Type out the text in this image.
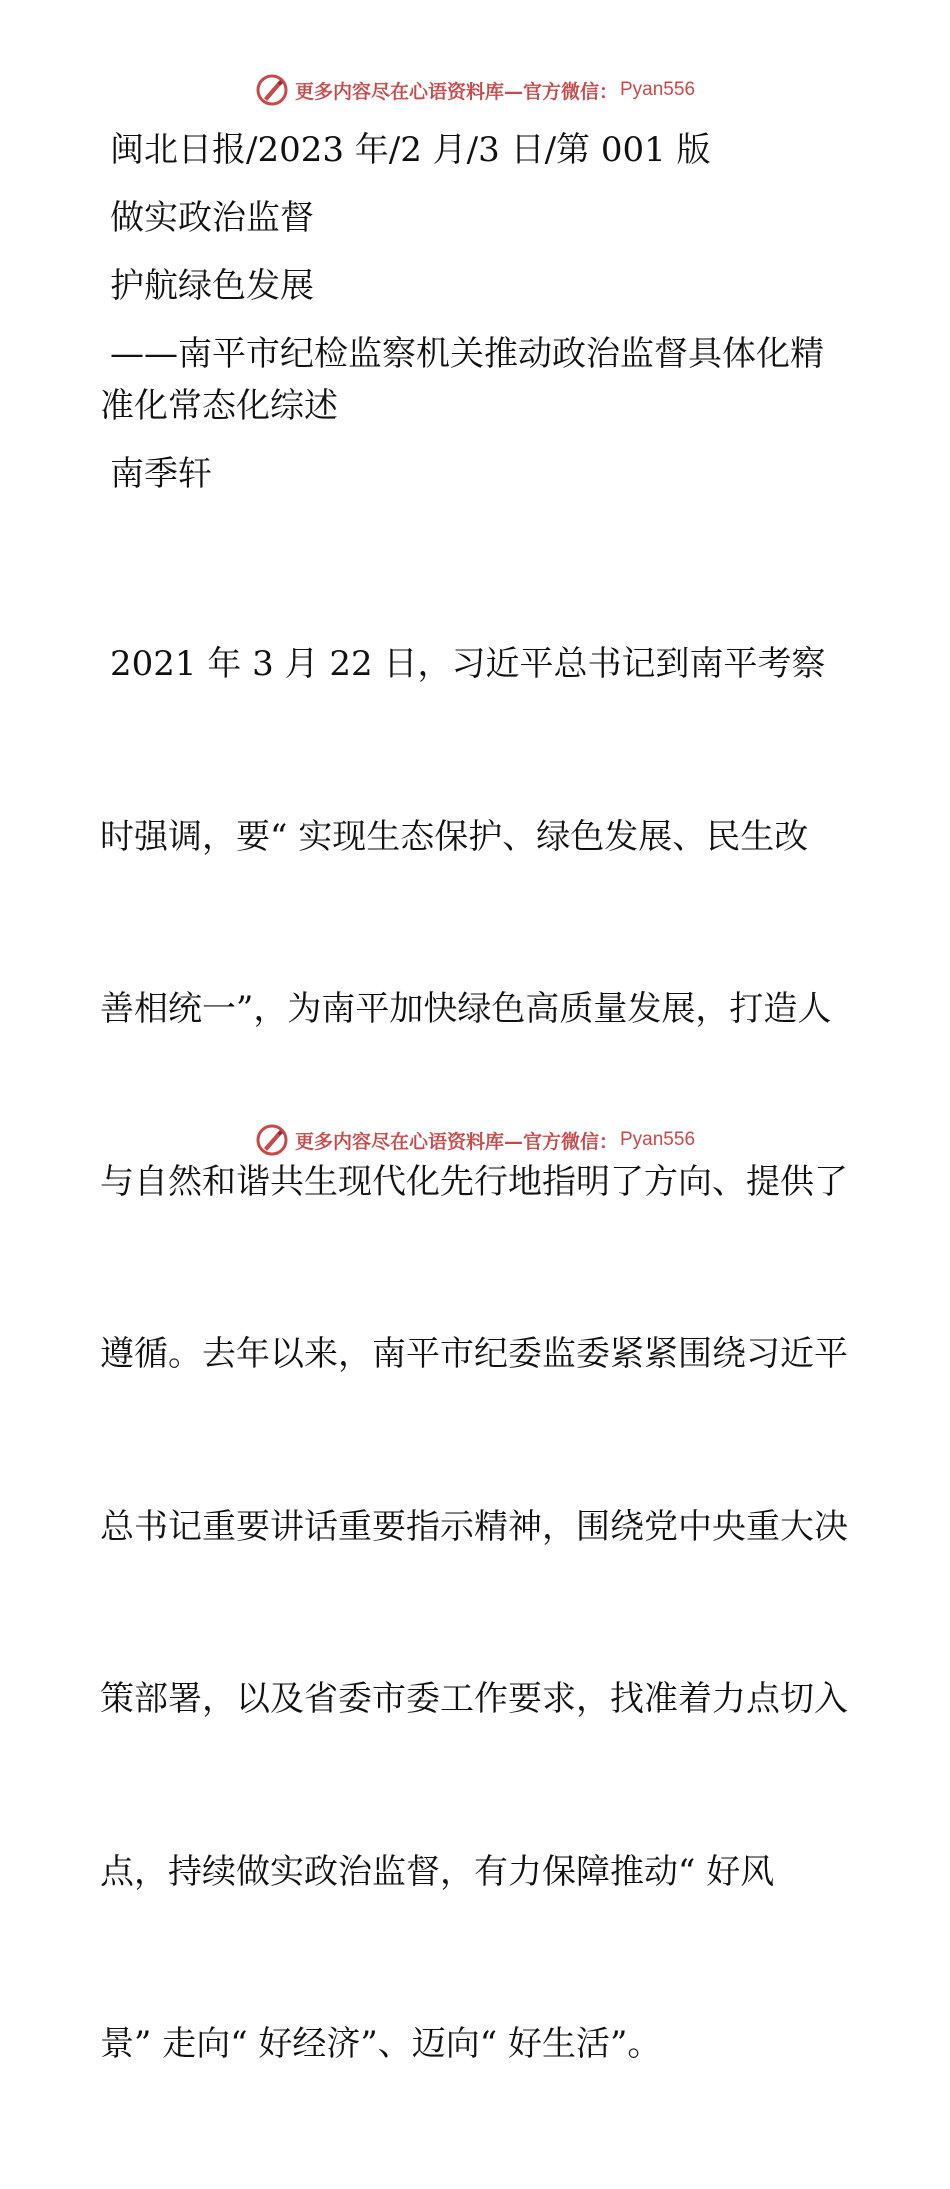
更多内容尽在心语资料库—官方微信： Pyan556

闽北日报/2023 年/2 月/3 日/第 001 版

做实政治监督

护航绿色发展

——南平市纪检监察机关推动政治监督具体化精

准化常态化综述

南季轩

2021 年 3 月 22 日，习近平总书记到南平考察

时强调，要“ 实现生态保护、绿色发展、民生改

善相统一”，为南平加快绿色高质量发展，打造人

与自然和谐共生现代化先行地指明了方向、提供了

遵循。去年以来，南平市纪委监委紧紧围绕习近平

总书记重要讲话重要指示精神，围绕党中央重大决

策部署，以及省委市委工作要求，找准着力点切入

点，持续做实政治监督，有力保障推动“ 好风

景” 走向“ 好经济”、迈向“ 好生活”。

更多内容尽在心语资料库—官方微信： Pyan556
